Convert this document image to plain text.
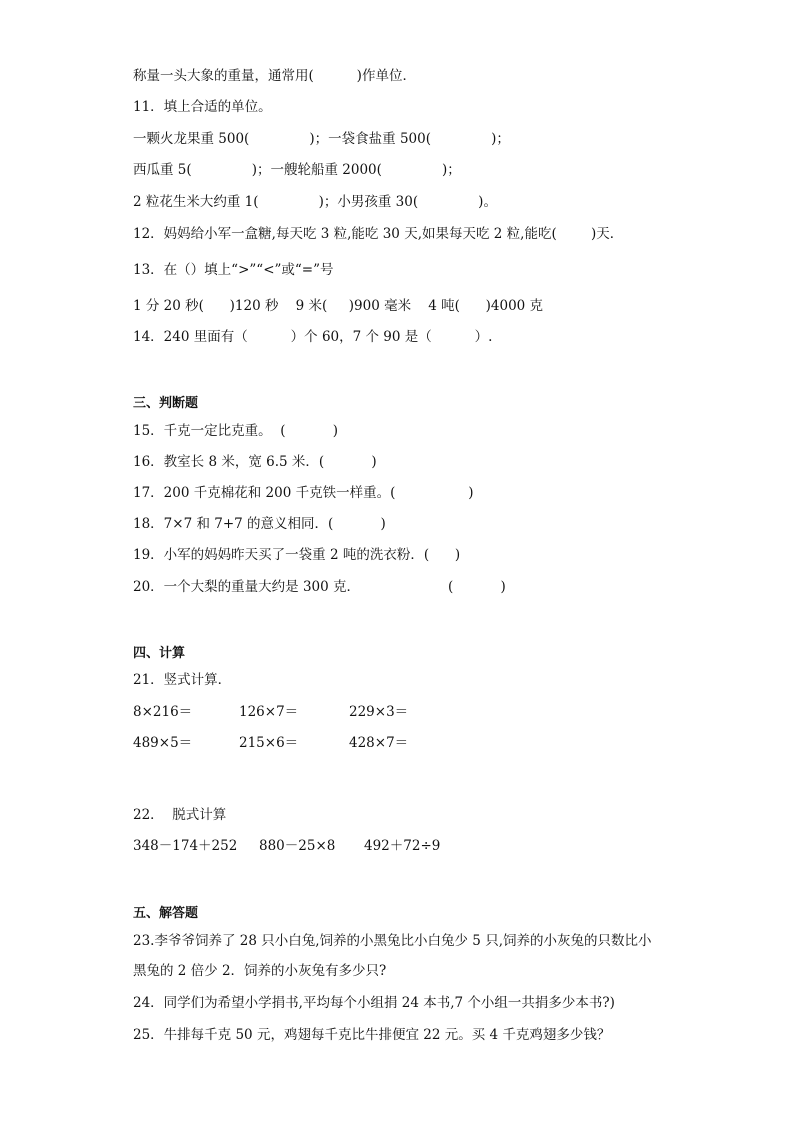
称量一头大象的重量，通常用(          )作单位．
11．填上合适的单位。
一颗火龙果重 500(              )；一袋食盐重 500(              )；
西瓜重 5(              )；一艘轮船重 2000(              )；
2 粒花生米大约重 1(              )；小男孩重 30(              )。
12．妈妈给小军一盒糖,每天吃 3 粒,能吃 30 天,如果每天吃 2 粒,能吃(        )天．
13．在（）填上“>”“<”或“=”号
1 分 20 秒(      )120 秒    9 米(     )900 毫米    4 吨(      )4000 克
14．240 里面有（          ）个 60，7 个 90 是（          ）.
三、判断题
15．千克一定比克重。  (           )
16．教室长 8 米，宽 6.5 米．(           )
17．200 千克棉花和 200 千克铁一样重。(                 )
18．7×7 和 7+7 的意义相同．(           )
19．小军的妈妈昨天买了一袋重 2 吨的洗衣粉．(      )
20．一个大梨的重量大约是 300 克．	(           )
四、计算
21．竖式计算．
8×216＝	126×7＝	229×3＝
489×5＝	215×6＝	428×7＝
22．  脱式计算
348－174＋252 880－25×8 492＋72÷9
五、解答题
23.李爷爷饲养了 28 只小白兔,饲养的小黑兔比小白兔少 5 只,饲养的小灰兔的只数比小
黑兔的 2 倍少 2．饲养的小灰兔有多少只?
24．同学们为希望小学捐书,平均每个小组捐 24 本书,7 个小组一共捐多少本书?)
25．牛排每千克 50 元，鸡翅每千克比牛排便宜 22 元。买 4 千克鸡翅多少钱？
